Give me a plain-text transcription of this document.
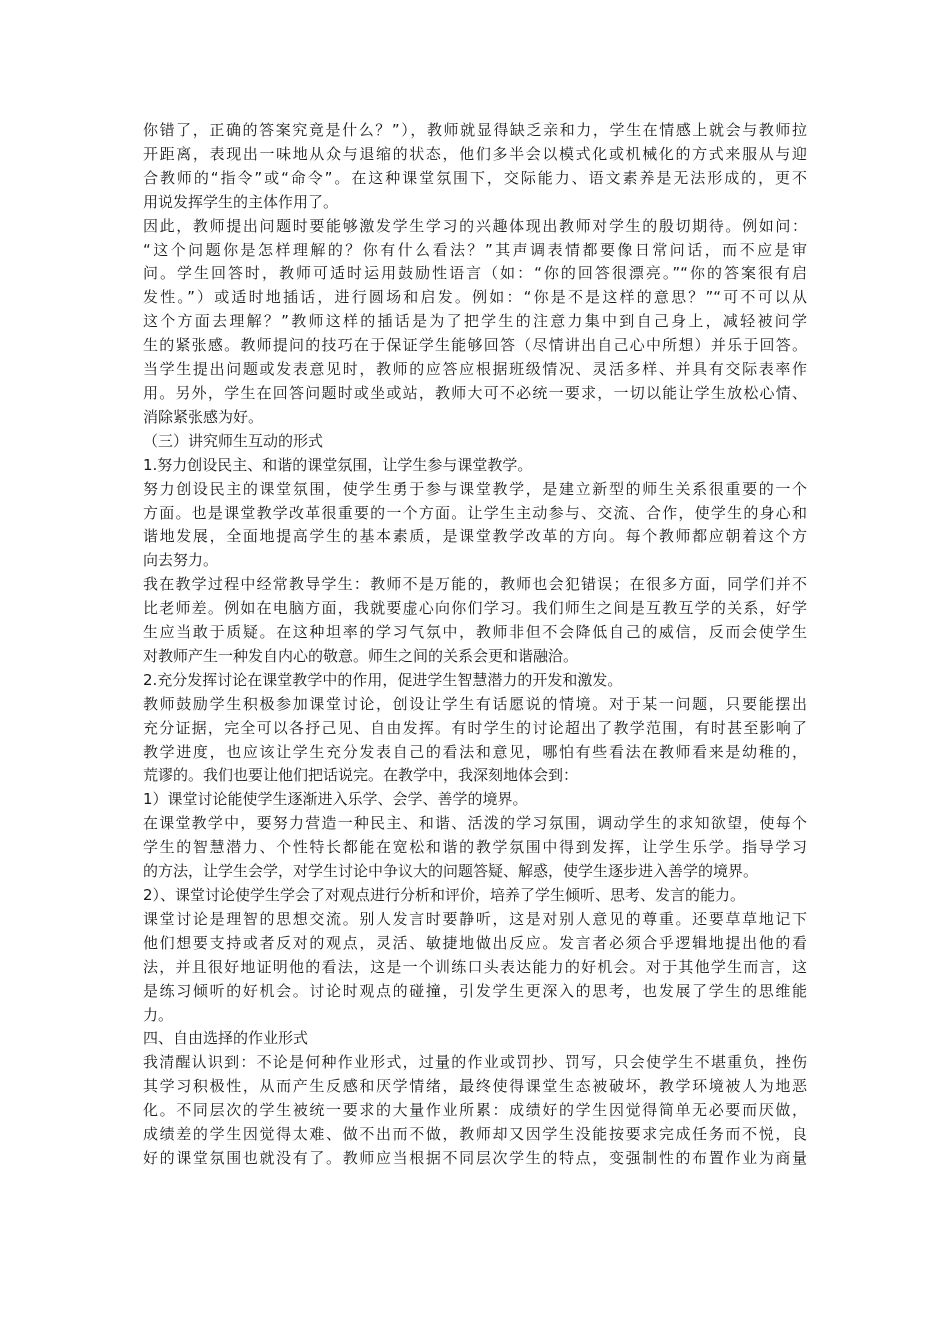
你错了，正确的答案究竟是什么？”），教师就显得缺乏亲和力，学生在情感上就会与教师拉
开距离，表现出一味地从众与退缩的状态，他们多半会以模式化或机械化的方式来服从与迎
合教师的“指令”或“命令”。在这种课堂氛围下，交际能力、语文素养是无法形成的，更不
用说发挥学生的主体作用了。

因此，教师提出问题时要能够激发学生学习的兴趣体现出教师对学生的殷切期待。例如问：
“这个问题你是怎样理解的？你有什么看法？”其声调表情都要像日常问话，而不应是审
问。学生回答时，教师可适时运用鼓励性语言（如：“你的回答很漂亮。”“你的答案很有启
发性。”）或适时地插话，进行圆场和启发。例如：“你是不是这样的意思？”“可不可以从
这个方面去理解？”教师这样的插话是为了把学生的注意力集中到自己身上，减轻被问学
生的紧张感。教师提问的技巧在于保证学生能够回答（尽情讲出自己心中所想）并乐于回答。
当学生提出问题或发表意见时，教师的应答应根据班级情况、灵活多样、并具有交际表率作
用。另外，学生在回答问题时或坐或站，教师大可不必统一要求，一切以能让学生放松心情、
消除紧张感为好。

（三）讲究师生互动的形式

1.努力创设民主、和谐的课堂氛围，让学生参与课堂教学。

努力创设民主的课堂氛围，使学生勇于参与课堂教学，是建立新型的师生关系很重要的一个
方面。也是课堂教学改革很重要的一个方面。让学生主动参与、交流、合作，使学生的身心和
谐地发展，全面地提高学生的基本素质，是课堂教学改革的方向。每个教师都应朝着这个方
向去努力。

我在教学过程中经常教导学生：教师不是万能的，教师也会犯错误；在很多方面，同学们并不
比老师差。例如在电脑方面，我就要虚心向你们学习。我们师生之间是互教互学的关系，好学
生应当敢于质疑。在这种坦率的学习气氛中，教师非但不会降低自己的威信，反而会使学生
对教师产生一种发自内心的敬意。师生之间的关系会更和谐融洽。

2.充分发挥讨论在课堂教学中的作用，促进学生智慧潜力的开发和激发。

教师鼓励学生积极参加课堂讨论，创设让学生有话愿说的情境。对于某一问题，只要能摆出
充分证据，完全可以各抒己见、自由发挥。有时学生的讨论超出了教学范围，有时甚至影响了
教学进度，也应该让学生充分发表自己的看法和意见，哪怕有些看法在教师看来是幼稚的，
荒谬的。我们也要让他们把话说完。在教学中，我深刻地体会到：

1）课堂讨论能使学生逐渐进入乐学、会学、善学的境界。

在课堂教学中，要努力营造一种民主、和谐、活泼的学习氛围，调动学生的求知欲望，使每个
学生的智慧潜力、个性特长都能在宽松和谐的教学氛围中得到发挥，让学生乐学。指导学习
的方法，让学生会学，对学生讨论中争议大的问题答疑、解惑，使学生逐步进入善学的境界。

2）、课堂讨论使学生学会了对观点进行分析和评价，培养了学生倾听、思考、发言的能力。

课堂讨论是理智的思想交流。别人发言时要静听，这是对别人意见的尊重。还要草草地记下
他们想要支持或者反对的观点，灵活、敏捷地做出反应。发言者必须合乎逻辑地提出他的看
法，并且很好地证明他的看法，这是一个训练口头表达能力的好机会。对于其他学生而言，这
是练习倾听的好机会。讨论时观点的碰撞，引发学生更深入的思考，也发展了学生的思维能
力。

四、自由选择的作业形式

我清醒认识到：不论是何种作业形式，过量的作业或罚抄、罚写，只会使学生不堪重负，挫伤
其学习积极性，从而产生反感和厌学情绪，最终使得课堂生态被破坏，教学环境被人为地恶
化。不同层次的学生被统一要求的大量作业所累：成绩好的学生因觉得简单无必要而厌做，
成绩差的学生因觉得太难、做不出而不做，教师却又因学生没能按要求完成任务而不悦，良
好的课堂氛围也就没有了。教师应当根据不同层次学生的特点，变强制性的布置作业为商量
